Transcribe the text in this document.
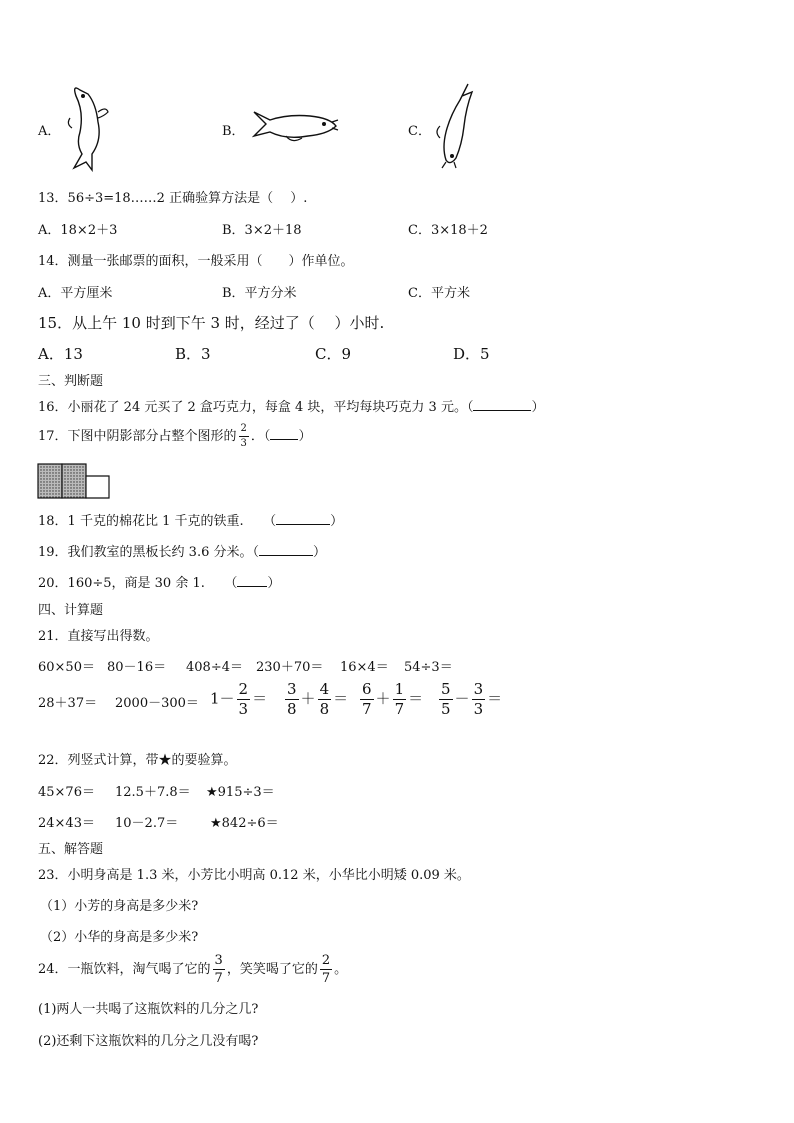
A．	B．	C．
13．56÷3=18……2 正确验算方法是（　 ）.
A．18×2＋3	B．3×2＋18	C．3×18＋2
14．测量一张邮票的面积，一般采用（　　）作单位。
A．平方厘米	B．平方分米	C．平方米
15．从上午 10 时到下午 3 时，经过了（　 ）小时.
A．13	B．3	C．9	D．5
三、判断题
16．小丽花了 24 元买了 2 盒巧克力，每盒 4 块，平均每块巧克力 3 元。（	）
17．下图中阴影部分占整个图形的 $\frac{2}{3}$ ．（ ）
18．1 千克的棉花比 1 千克的铁重.　　（	）
19．我们教室的黑板长约 3.6 分米。（	）
20．160÷5，商是 30 余 1.　　（ ）
四、计算题
21．直接写出得数。
60×50＝ 80－16＝ 408÷4＝ 230＋70＝ 16×4＝ 54÷3＝
$28+37= 2000-300= 1- \frac{2}{3} = \frac{3}{8} + \frac{4}{8} = \frac{6}{7} + \frac{1}{7} = \frac{5}{5} - \frac{3}{3}$ ＝
22．列竖式计算，带★的要验算。
45×76＝ 12.5＋7.8＝ ★915÷3＝
24×43＝ 10－2.7＝ ★842÷6＝
五、解答题
23．小明身高是 1.3 米，小芳比小明高 0.12 米，小华比小明矮 0.09 米。
（1）小芳的身高是多少米?
（2）小华的身高是多少米?
24．一瓶饮料，淘气喝了它的 $\frac{3}{7}$ ，笑笑喝了它的 $\frac{2}{7}$ 。
(1)两人一共喝了这瓶饮料的几分之几?
(2)还剩下这瓶饮料的几分之几没有喝?
